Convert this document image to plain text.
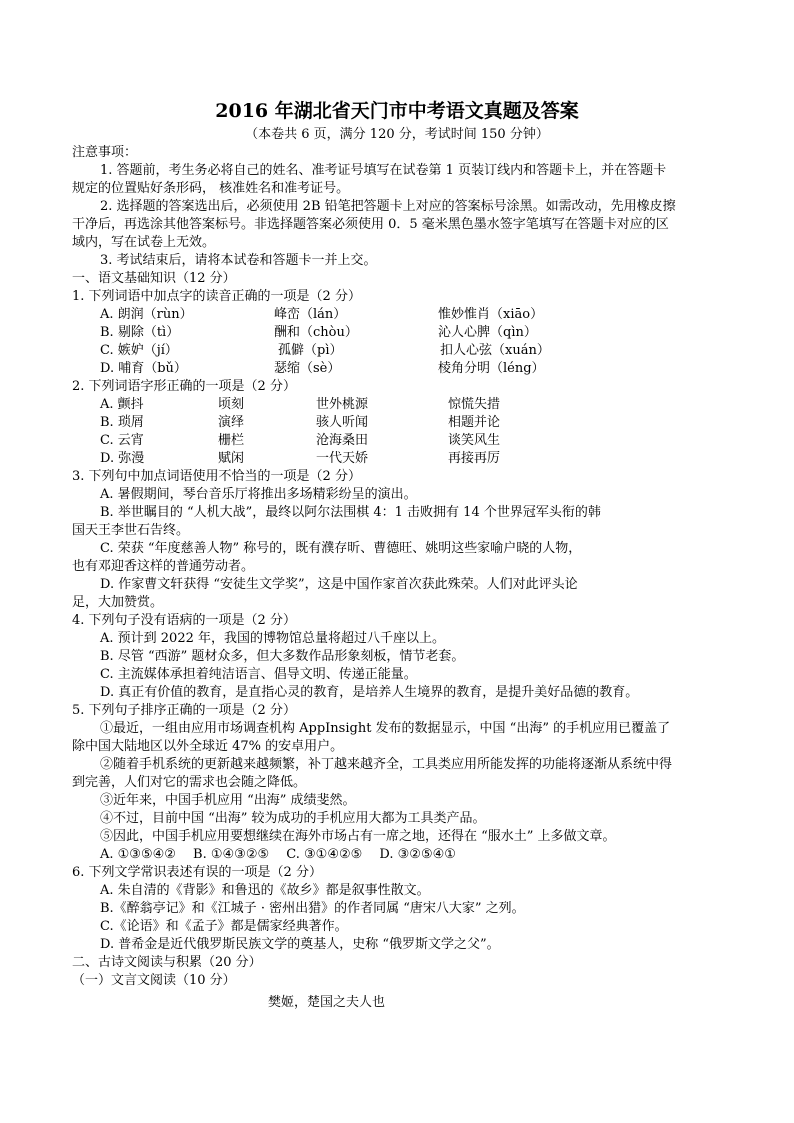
2016 年湖北省天门市中考语文真题及答案
（本卷共 6 页，满分 120 分，考试时间 150 分钟）
注意事项：
1. 答题前，考生务必将自己的姓名、准考证号填写在试卷第 1 页装订线内和答题卡上，并在答题卡
规定的位置贴好条形码， 核准姓名和准考证号。
2. 选择题的答案选出后，必须使用 2B 铅笔把答题卡上对应的答案标号涂黑。如需改动，先用橡皮擦
干净后，再选涂其他答案标号。非选择题答案必须使用 0．5 毫米黑色墨水签字笔填写在答题卡对应的区
域内，写在试卷上无效。
3. 考试结束后，请将本试卷和答题卡一并上交。
一、语文基础知识（12 分）
1. 下列词语中加点字的读音正确的一项是（2 分）
A. 朗润（rùn）	峰峦（lán）	惟妙惟肖（xiāo）
B. 剔除（tì）	酬和（chòu）	沁人心脾（qìn）
C. 嫉妒（jí）	孤僻（pì）	扣人心弦（xuán）
D. 哺育（bǔ）	瑟缩（sè）	棱角分明（léng）
2. 下列词语字形正确的一项是（2 分）
A. 颤抖	顷刻	世外桃源	惊慌失措
B. 琐屑	演绎	骇人听闻	相题并论
C. 云宵	栅栏	沧海桑田	谈笑风生
D. 弥漫	赋闲	一代天娇	再接再厉
3. 下列句中加点词语使用不恰当的一项是（2 分）
A. 暑假期间，琴台音乐厅将推出多场精彩纷呈的演出。
B. 举世瞩目的 “人机大战”，最终以阿尔法围棋 4：1 击败拥有 14 个世界冠军头衔的韩
国天王李世石告终。
C. 荣获 “年度慈善人物” 称号的，既有濮存昕、曹德旺、姚明这些家喻户晓的人物，
也有邓迎香这样的普通劳动者。
D. 作家曹文轩获得 “安徒生文学奖”，这是中国作家首次获此殊荣。人们对此评头论
足，大加赞赏。
4. 下列句子没有语病的一项是（2 分）
A. 预计到 2022 年，我国的博物馆总量将超过八千座以上。
B. 尽管 “西游” 题材众多，但大多数作品形象刻板，情节老套。
C. 主流媒体承担着纯洁语言、倡导文明、传递正能量。
D. 真正有价值的教育，是直指心灵的教育，是培养人生境界的教育，是提升美好品德的教育。
5. 下列句子排序正确的一项是（2 分）
①最近，一组由应用市场调查机构 AppInsight 发布的数据显示，中国 “出海” 的手机应用已覆盖了
除中国大陆地区以外全球近 47% 的安卓用户。
②随着手机系统的更新越来越频繁，补丁越来越齐全，工具类应用所能发挥的功能将逐渐从系统中得
到完善，人们对它的需求也会随之降低。
③近年来，中国手机应用 “出海” 成绩斐然。
④不过，目前中国 “出海” 较为成功的手机应用大都为工具类产品。
⑤因此，中国手机应用要想继续在海外市场占有一席之地，还得在 “服水土” 上多做文章。
A. ①③⑤④②　 B. ①④③②⑤　 C. ③①④②⑤　 D. ③②⑤④①
6. 下列文学常识表述有误的一项是（2 分）
A. 朱自清的《背影》和鲁迅的《故乡》都是叙事性散文。
B.《醉翁亭记》和《江城子 · 密州出猎》的作者同属 “唐宋八大家” 之列。
C.《论语》和《孟子》都是儒家经典著作。
D. 普希金是近代俄罗斯民族文学的奠基人，史称 “俄罗斯文学之父”。
二、古诗文阅读与积累（20 分）
（一）文言文阅读（10 分）
樊姬，楚国之夫人也
